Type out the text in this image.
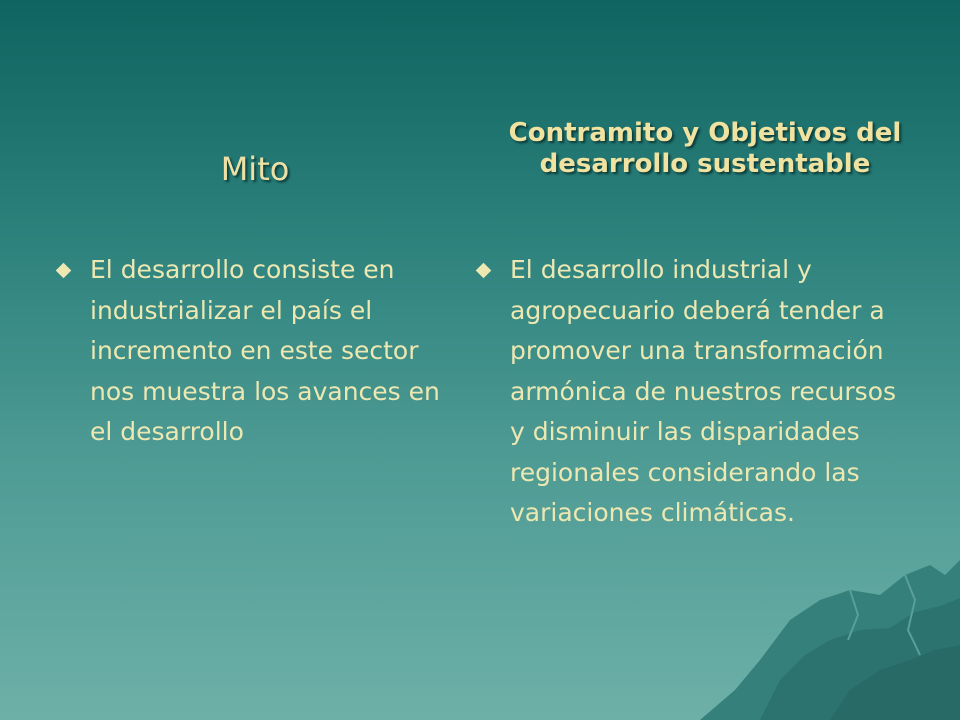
Mito
Contramito y Objetivos del desarrollo sustentable
El desarrollo consiste en industrializar el país el incremento en este sector nos muestra los avances en el desarrollo
El desarrollo industrial y agropecuario deberá tender a promover una transformación armónica de nuestros recursos y disminuir las disparidades regionales considerando las variaciones climáticas.
